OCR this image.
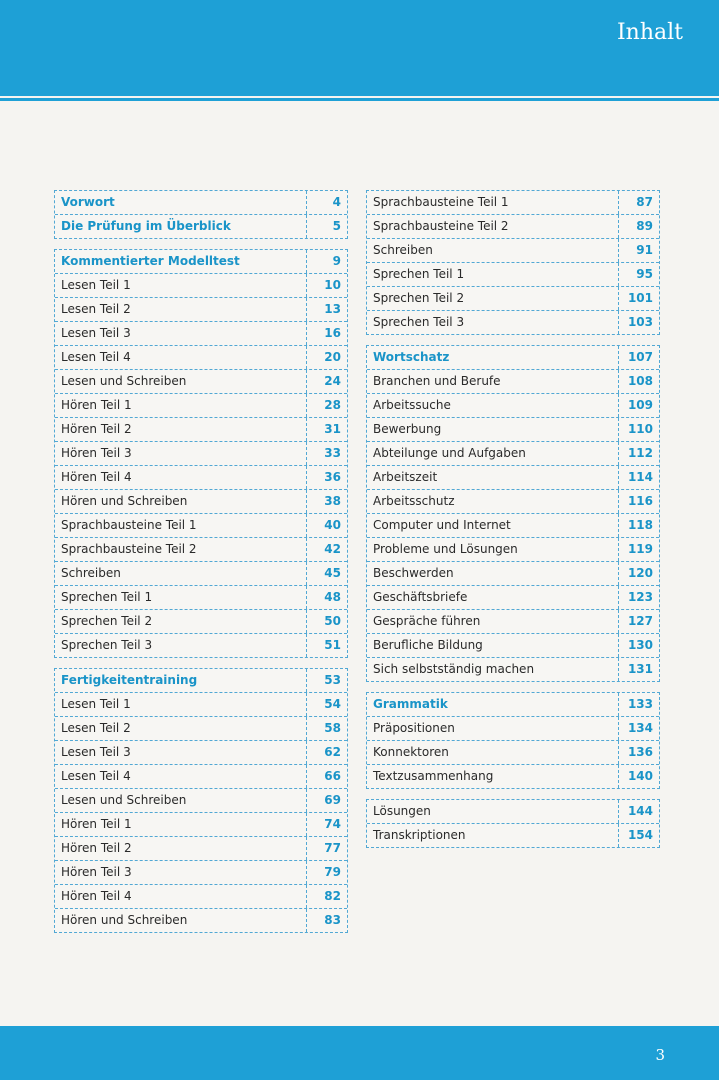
Inhalt
Vorwort	4
Die Prüfung im Überblick	5
Kommentierter Modelltest	9
Lesen Teil 1	10
Lesen Teil 2	13
Lesen Teil 3	16
Lesen Teil 4	20
Lesen und Schreiben	24
Hören Teil 1	28
Hören Teil 2	31
Hören Teil 3	33
Hören Teil 4	36
Hören und Schreiben	38
Sprachbausteine Teil 1	40
Sprachbausteine Teil 2	42
Schreiben	45
Sprechen Teil 1	48
Sprechen Teil 2	50
Sprechen Teil 3	51
Fertigkeitentraining	53
Lesen Teil 1	54
Lesen Teil 2	58
Lesen Teil 3	62
Lesen Teil 4	66
Lesen und Schreiben	69
Hören Teil 1	74
Hören Teil 2	77
Hören Teil 3	79
Hören Teil 4	82
Hören und Schreiben	83
Sprachbausteine Teil 1	87
Sprachbausteine Teil 2	89
Schreiben	91
Sprechen Teil 1	95
Sprechen Teil 2	101
Sprechen Teil 3	103
Wortschatz	107
Branchen und Berufe	108
Arbeitssuche	109
Bewerbung	110
Abteilunge und Aufgaben	112
Arbeitszeit	114
Arbeitsschutz	116
Computer und Internet	118
Probleme und Lösungen	119
Beschwerden	120
Geschäftsbriefe	123
Gespräche führen	127
Berufliche Bildung	130
Sich selbstständig machen	131
Grammatik	133
Präpositionen	134
Konnektoren	136
Textzusammenhang	140
Lösungen	144
Transkriptionen	154
3
